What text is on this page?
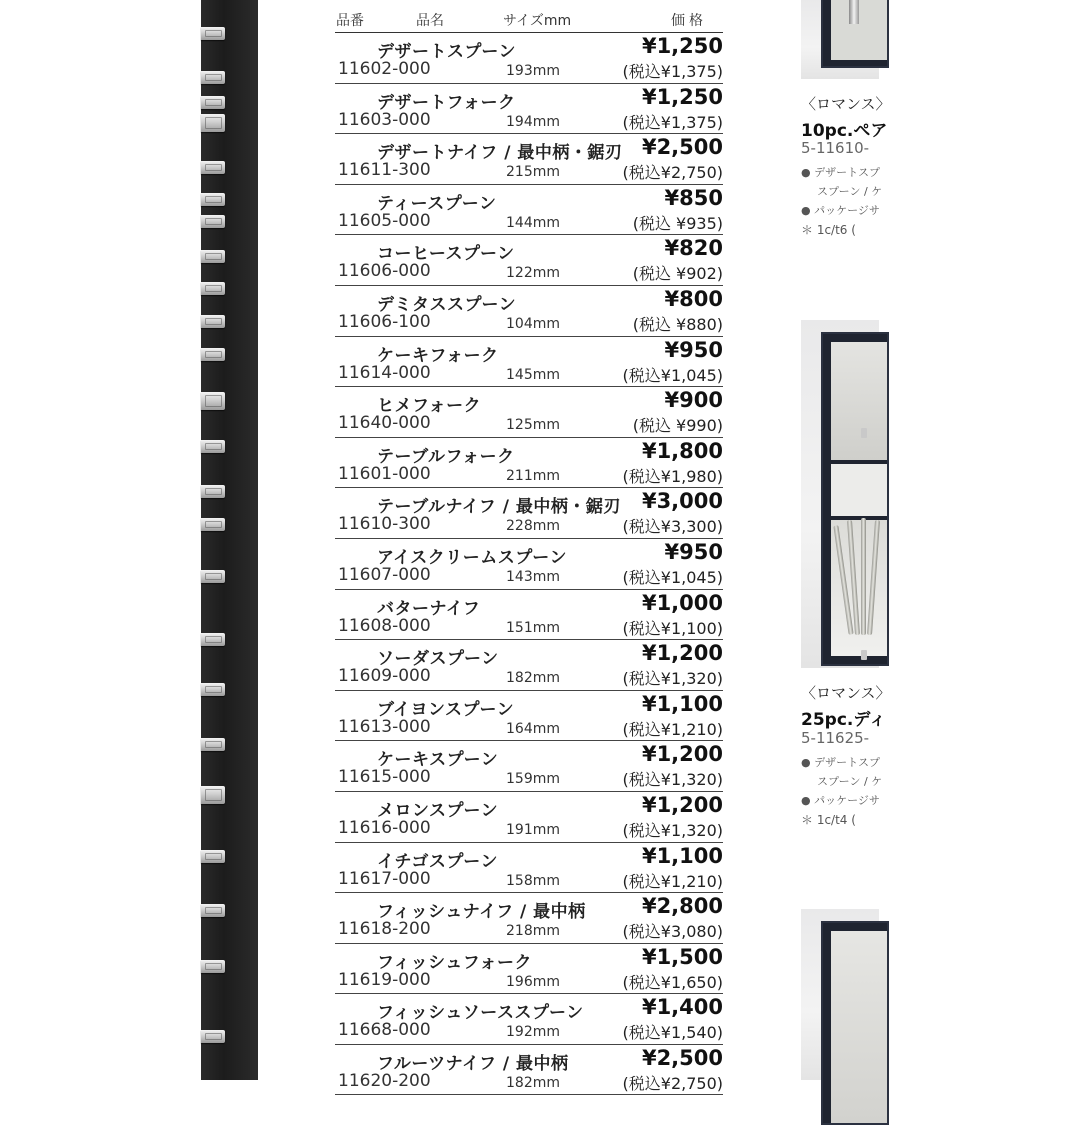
品番	品名	サイズmm	価格
デザートスプーン	¥1,250
11602-000	193mm	(税込¥1,375)
デザートフォーク	¥1,250
11603-000	194mm	(税込¥1,375)
デザートナイフ / 最中柄・鋸刃 ¥2,500
11611-300	215mm	(税込¥2,750)
ティースプーン	¥850
11605-000	144mm	(税込 ¥935)
コーヒースプーン	¥820
11606-000	122mm	(税込 ¥902)
デミタススプーン	¥800
11606-100	104mm	(税込 ¥880)
ケーキフォーク	¥950
11614-000	145mm	(税込¥1,045)
ヒメフォーク	¥900
11640-000	125mm	(税込 ¥990)
テーブルフォーク	¥1,800
11601-000	211mm	(税込¥1,980)
テーブルナイフ / 最中柄・鋸刃 ¥3,000
11610-300	228mm	(税込¥3,300)
アイスクリームスプーン	¥950
11607-000	143mm	(税込¥1,045)
バターナイフ	¥1,000
11608-000	151mm	(税込¥1,100)
ソーダスプーン	¥1,200
11609-000	182mm	(税込¥1,320)
ブイヨンスプーン	¥1,100
11613-000	164mm	(税込¥1,210)
ケーキスプーン	¥1,200
11615-000	159mm	(税込¥1,320)
メロンスプーン	¥1,200
11616-000	191mm	(税込¥1,320)
イチゴスプーン	¥1,100
11617-000	158mm	(税込¥1,210)
フィッシュナイフ / 最中柄	¥2,800
11618-200	218mm	(税込¥3,080)
フィッシュフォーク	¥1,500
11619-000	196mm	(税込¥1,650)
フィッシュソーススプーン	¥1,400
11668-000	192mm	(税込¥1,540)
フルーツナイフ / 最中柄	¥2,500
11620-200	182mm	(税込¥2,750)
〈ロマンス〉
10pc.ペア
5-11610-
● デザートスプ
スプーン / ケ
● パッケージサ
＊ 1c/t6 (
〈ロマンス〉
25pc.ディ
5-11625-
● デザートスプ
スプーン / ケ
● パッケージサ
＊ 1c/t4 (
